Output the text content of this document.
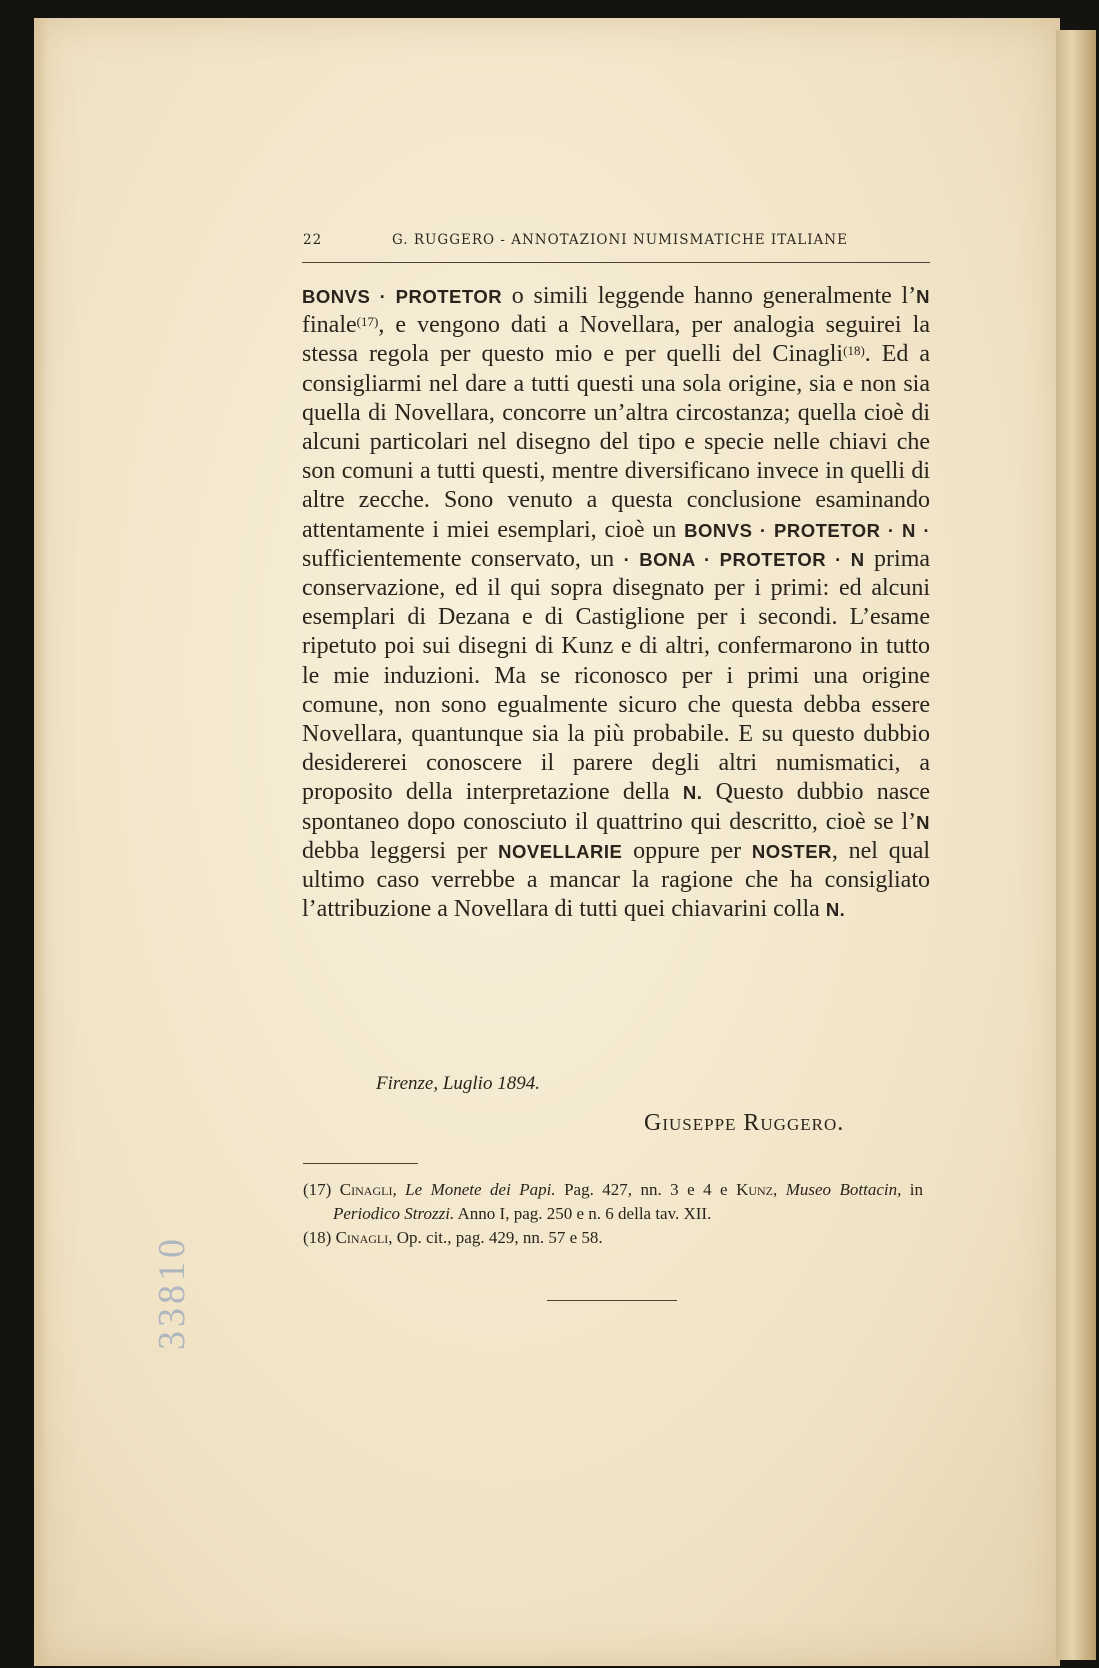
33810
22	G. RUGGERO - ANNOTAZIONI NUMISMATICHE ITALIANE

BONVS · PROTETOR o simili leggende hanno generalmente l’N finale$^{(17)}$, e vengono dati a Novellara, per analogia seguirei la stessa regola per questo mio e per quelli del Cinagli$^{(18)}$. Ed a consigliarmi nel dare a tutti questi una sola origine, sia e non sia quella di Novellara, concorre un’altra circostanza; quella cioè di alcuni particolari nel disegno del tipo e specie nelle chiavi che son comuni a tutti questi, mentre diversificano invece in quelli di altre zecche. Sono venuto a questa conclusione esaminando attentamente i miei esemplari, cioè un BONVS · PROTETOR · N · sufficientemente conservato, un · BONA · PROTETOR · N prima conservazione, ed il qui sopra disegnato per i primi: ed alcuni esemplari di Dezana e di Castiglione per i secondi. L’esame ripetuto poi sui disegni di Kunz e di altri, confermarono in tutto le mie induzioni. Ma se riconosco per i primi una origine comune, non sono egualmente sicuro che questa debba essere Novellara, quantunque sia la più probabile. E su questo dubbio desidererei conoscere il parere degli altri numismatici, a proposito della interpretazione della N. Questo dubbio nasce spontaneo dopo conosciuto il quattrino qui descritto, cioè se l’N debba leggersi per NOVELLARIE oppure per NOSTER, nel qual ultimo caso verrebbe a mancar la ragione che ha consigliato l’attribuzione a Novellara di tutti quei chiavarini colla N.

Firenze, Luglio 1894.
Giuseppe Ruggero.

(17) Cinagli, Le Monete dei Papi. Pag. 427, nn. 3 e 4 e Kunz, Museo Bottacin, in Periodico Strozzi. Anno I, pag. 250 e n. 6 della tav. XII.

(18) Cinagli, Op. cit., pag. 429, nn. 57 e 58.
